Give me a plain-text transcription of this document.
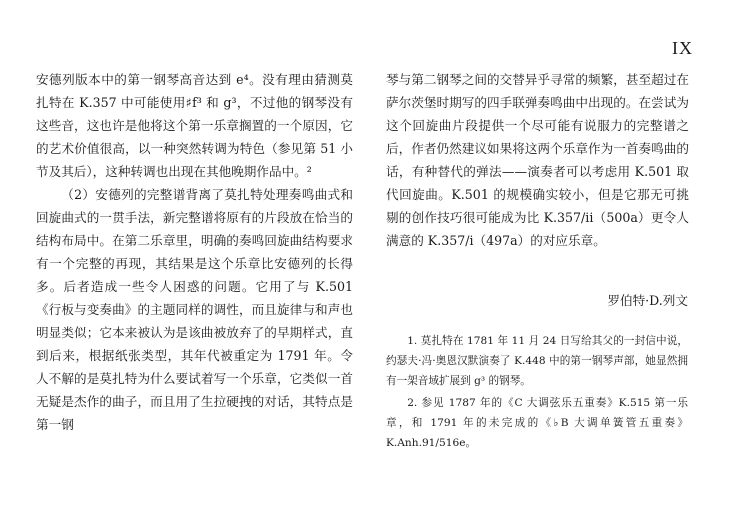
IX

安德列版本中的第一钢琴高音达到 e⁴。没有理由猜测莫扎特在 K.357 中可能使用♯f³ 和 g³，不过他的钢琴没有这些音，这也许是他将这个第一乐章搁置的一个原因，它的艺术价值很高，以一种突然转调为特色（参见第 51 小节及其后），这种转调也出现在其他晚期作品中。²

（2）安德列的完整谱背离了莫扎特处理奏鸣曲式和回旋曲式的一贯手法，新完整谱将原有的片段放在恰当的结构布局中。在第二乐章里，明确的奏鸣回旋曲结构要求有一个完整的再现，其结果是这个乐章比安德列的长得多。后者造成一些令人困惑的问题。它用了与 K.501《行板与变奏曲》的主题同样的调性，而且旋律与和声也明显类似；它本来被认为是该曲被放弃了的早期样式，直到后来，根据纸张类型，其年代被重定为 1791 年。令人不解的是莫扎特为什么要试着写一个乐章，它类似一首无疑是杰作的曲子，而且用了生拉硬拽的对话，其特点是第一钢

琴与第二钢琴之间的交替异乎寻常的频繁，甚至超过在萨尔茨堡时期写的四手联弹奏鸣曲中出现的。在尝试为这个回旋曲片段提供一个尽可能有说服力的完整谱之后，作者仍然建议如果将这两个乐章作为一首奏鸣曲的话，有种替代的弹法——演奏者可以考虑用 K.501 取代回旋曲。K.501 的规模确实较小，但是它那无可挑剔的创作技巧很可能成为比 K.357/ii（500a）更令人满意的 K.357/i（497a）的对应乐章。

罗伯特·D.列文

1. 莫扎特在 1781 年 11 月 24 日写给其父的一封信中说，约瑟夫·冯·奥恩汉默演奏了 K.448 中的第一钢琴声部，她显然拥有一架音域扩展到 g³ 的钢琴。

2. 参见 1787 年的《C 大调弦乐五重奏》K.515 第一乐章，和 1791 年的未完成的《♭B 大调单簧管五重奏》K.Anh.91/516e。
